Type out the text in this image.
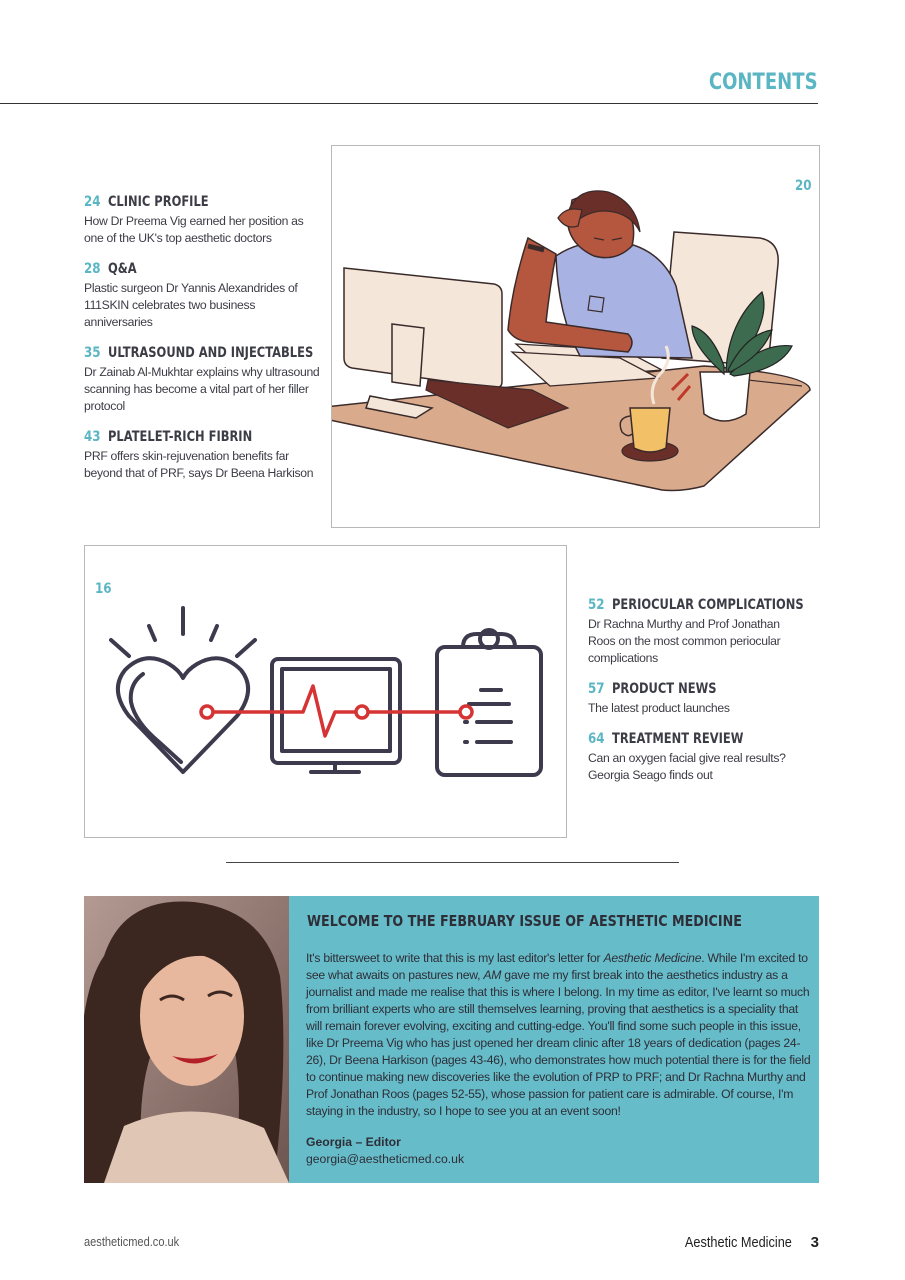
CONTENTS
24 CLINIC PROFILE
How Dr Preema Vig earned her position as one of the UK's top aesthetic doctors
28 Q&A
Plastic surgeon Dr Yannis Alexandrides of 111SKIN celebrates two business anniversaries
35 ULTRASOUND AND INJECTABLES
Dr Zainab Al-Mukhtar explains why ultrasound scanning has become a vital part of her filler protocol
43 PLATELET-RICH FIBRIN
PRF offers skin-rejuvenation benefits far beyond that of PRF, says Dr Beena Harkison
20
16
52 PERIOCULAR COMPLICATIONS
Dr Rachna Murthy and Prof Jonathan Roos on the most common periocular complications
57 PRODUCT NEWS
The latest product launches
64 TREATMENT REVIEW
Can an oxygen facial give real results? Georgia Seago finds out
WELCOME TO THE FEBRUARY ISSUE OF AESTHETIC MEDICINE

It's bittersweet to write that this is my last editor's letter for Aesthetic Medicine. While I'm excited to see what awaits on pastures new, AM gave me my first break into the aesthetics industry as a journalist and made me realise that this is where I belong. In my time as editor, I've learnt so much from brilliant experts who are still themselves learning, proving that aesthetics is a speciality that will remain forever evolving, exciting and cutting-edge. You'll find some such people in this issue, like Dr Preema Vig who has just opened her dream clinic after 18 years of dedication (pages 24-26), Dr Beena Harkison (pages 43-46), who demonstrates how much potential there is for the field to continue making new discoveries like the evolution of PRP to PRF; and Dr Rachna Murthy and Prof Jonathan Roos (pages 52-55), whose passion for patient care is admirable. Of course, I'm staying in the industry, so I hope to see you at an event soon!

Georgia – Editor
georgia@aestheticmed.co.uk
aestheticmed.co.uk	Aesthetic Medicine 3
